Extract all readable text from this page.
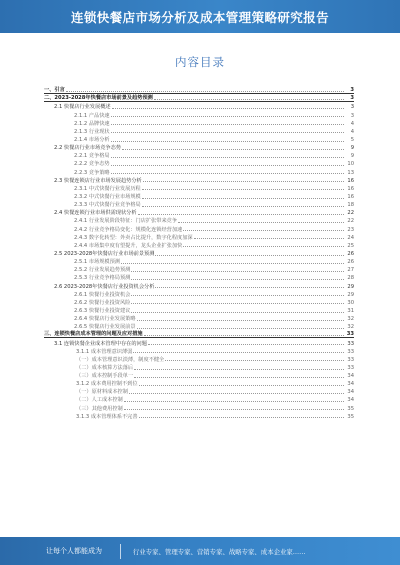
连锁快餐店市场分析及成本管理策略研究报告
内容目录
一、引言	3
二、2023-2028年快餐店市场前景及趋势预测	3
2.1 快餐店行业发展概述	3
2.1.1 产品快速	3
2.1.2 品牌快速	4
2.1.3 行业现状	4
2.1.4 市场分析	5
2.2 快餐店行业市场竞争态势	9
2.2.1 竞争格局	9
2.2.2 竞争态势	10
2.2.3 竞争策略	13
2.3 快餐连锁店行业市场发展趋势分析	16
2.3.1 中式快餐行业发展历程	16
2.3.2 中式快餐行业市场规模	16
2.3.3 中式快餐行业竞争格局	18
2.4 快餐连锁行业市场供需现状分析	22
2.4.1 行业发展阶段特征：门店扩张带来竞争	22
2.4.2 行业竞争格局变化：规模化连锁经营加速	23
2.4.3 数字化转型：外卖占比提升，数字化程度加深	24
2.4.4 市场集中度有望提升，龙头企业扩张加快	25
2.5 2023-2028年快餐店行业市场前景预测	26
2.5.1 市场规模预测	26
2.5.2 行业发展趋势预测	27
2.5.3 行业竞争格局预测	28
2.6 2023-2028年快餐店行业投资机会分析	29
2.6.1 快餐行业投资机会	29
2.6.2 快餐行业投资风险	30
2.6.3 快餐行业投资建议	31
2.6.4 快餐店行业发展策略	32
2.6.5 快餐店行业发展前景	32
三、连锁快餐店成本管理的问题及应对措施	33
3.1 连锁快餐企业成本管理中存在的问题	33
3.1.1 成本管理意识薄弱	33
（一）成本管理意识淡薄，制度不健全	33
（二）成本核算方法落后	33
（三）成本控制手段单一	34
3.1.2 成本费用控制不到位	34
（一）原材料成本控制	34
（二）人工成本控制	34
（三）其他费用控制	35
3.1.3 成本管理体系不完善	35
让每个人都能成为	行业专家、管理专家、营销专家、战略专家、成本企业家……
